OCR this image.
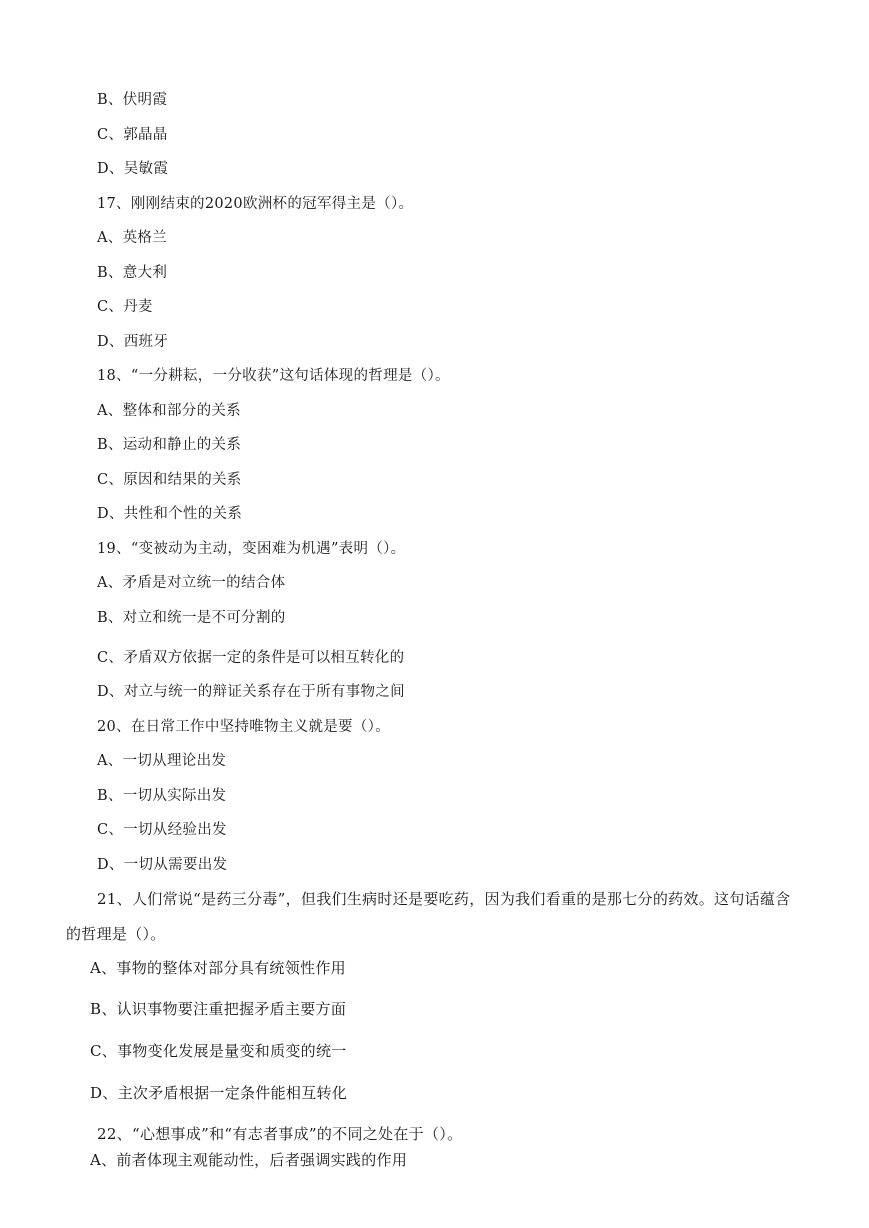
B、伏明霞
C、郭晶晶
D、吴敏霞
17、刚刚结束的2020欧洲杯的冠军得主是（）。
A、英格兰
B、意大利
C、丹麦
D、西班牙
18、“一分耕耘，一分收获”这句话体现的哲理是（）。
A、整体和部分的关系
B、运动和静止的关系
C、原因和结果的关系
D、共性和个性的关系
19、“变被动为主动，变困难为机遇”表明（）。
A、矛盾是对立统一的结合体
B、对立和统一是不可分割的
C、矛盾双方依据一定的条件是可以相互转化的
D、对立与统一的辩证关系存在于所有事物之间
20、在日常工作中坚持唯物主义就是要（）。
A、一切从理论出发
B、一切从实际出发
C、一切从经验出发
D、一切从需要出发
21、人们常说“是药三分毒”，但我们生病时还是要吃药，因为我们看重的是那七分的药效。这句话蕴含
的哲理是（）。
A、事物的整体对部分具有统领性作用
B、认识事物要注重把握矛盾主要方面
C、事物变化发展是量变和质变的统一
D、主次矛盾根据一定条件能相互转化
22、“心想事成”和“有志者事成”的不同之处在于（）。
A、前者体现主观能动性，后者强调实践的作用
